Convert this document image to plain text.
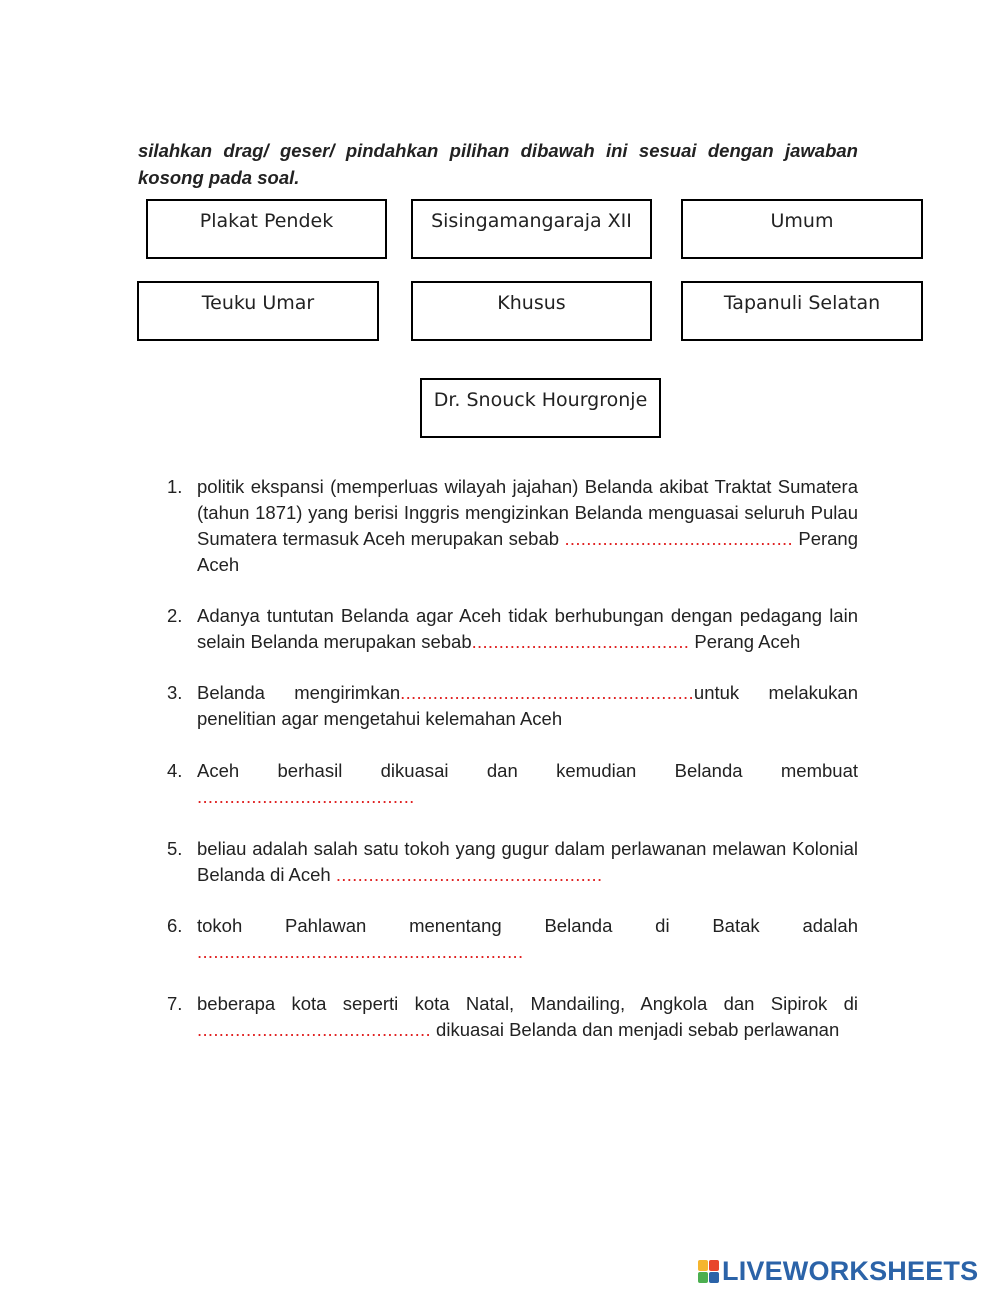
silahkan drag/ geser/ pindahkan pilihan dibawah ini sesuai dengan jawaban kosong pada soal.
Plakat Pendek	Sisingamangaraja XII	Umum
Teuku Umar	Khusus	Tapanuli Selatan
Dr. Snouck Hourgronje
1. politik ekspansi (memperluas wilayah jajahan) Belanda akibat Traktat Sumatera (tahun 1871) yang berisi Inggris mengizinkan Belanda menguasai seluruh Pulau Sumatera termasuk Aceh merupakan sebab .......................................... Perang Aceh
2. Adanya tuntutan Belanda agar Aceh tidak berhubungan dengan pedagang lain selain Belanda merupakan sebab........................................ Perang Aceh
3. Belanda mengirimkan......................................................untuk melakukan penelitian agar mengetahui kelemahan Aceh
4. Aceh berhasil dikuasai dan kemudian Belanda membuat ........................................
5. beliau adalah salah satu tokoh yang gugur dalam perlawanan melawan Kolonial Belanda di Aceh .................................................
6. tokoh Pahlawan menentang Belanda di Batak adalah ............................................................
7. beberapa kota seperti kota Natal, Mandailing, Angkola dan Sipirok di ........................................... dikuasai Belanda dan menjadi sebab perlawanan
LIVEWORKSHEETS
